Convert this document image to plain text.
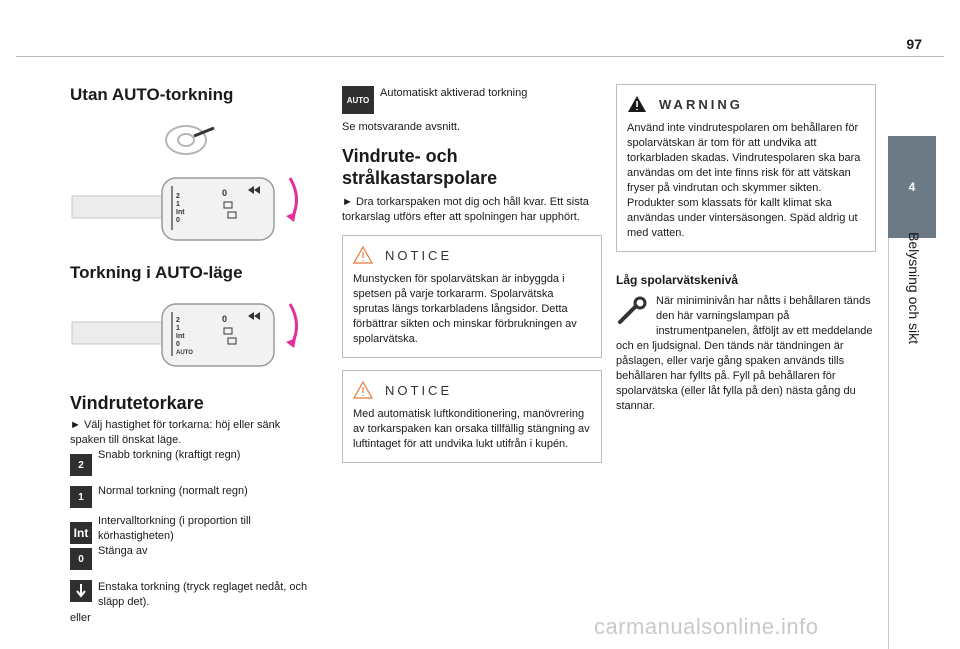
97
4
Belysning och sikt
Utan AUTO-torkning
2
1
Int
0
0
Torkning i AUTO-läge
2
1
Int
0
AUTO
0
Vindrutetorkare

► Välj hastighet för torkarna: höj eller sänk spaken till önskat läge.

2

Snabb torkning (kraftigt regn)

1	Normal torkning (normalt regn)

Int

Intervalltorkning (i proportion till körhastigheten)

0

Stänga av

Enstaka torkning (tryck reglaget nedåt, och släpp det).

eller

AUTO

Automatiskt aktiverad torkning

Se motsvarande avsnitt.

Vindrute- och strålkastarspolare

► Dra torkarspaken mot dig och håll kvar. Ett sista torkarslag utförs efter att spolningen har upphört.

NOTICE

Munstycken för spolarvätskan är inbyggda i spetsen på varje torkararm. Spolarvätska sprutas längs torkarbladens långsidor. Detta förbättrar sikten och minskar förbrukningen av spolarvätska.

NOTICE

Med automatisk luftkonditionering, manövrering av torkarspaken kan orsaka tillfällig stängning av luftintaget för att undvika lukt utifrån i kupén.

WARNING

Använd inte vindrutespolaren om behållaren för spolarvätskan är tom för att undvika att torkarbladen skadas. Vindrutespolaren ska bara användas om det inte finns risk för att vätskan fryser på vindrutan och skymmer sikten. Produkter som klassats för kallt klimat ska användas under vintersäsongen. Späd aldrig ut med vatten.

Låg spolarvätskenivå

När miniminivån har nåtts i behållaren tänds den här varningslampan på instrumentpanelen, åtföljt av ett meddelande och en ljudsignal. Den tänds när tändningen är påslagen, eller varje gång spaken används tills behållaren har fyllts på. Fyll på behållaren för spolarvätska (eller låt fylla på den) nästa gång du stannar.

carmanualsonline.info
